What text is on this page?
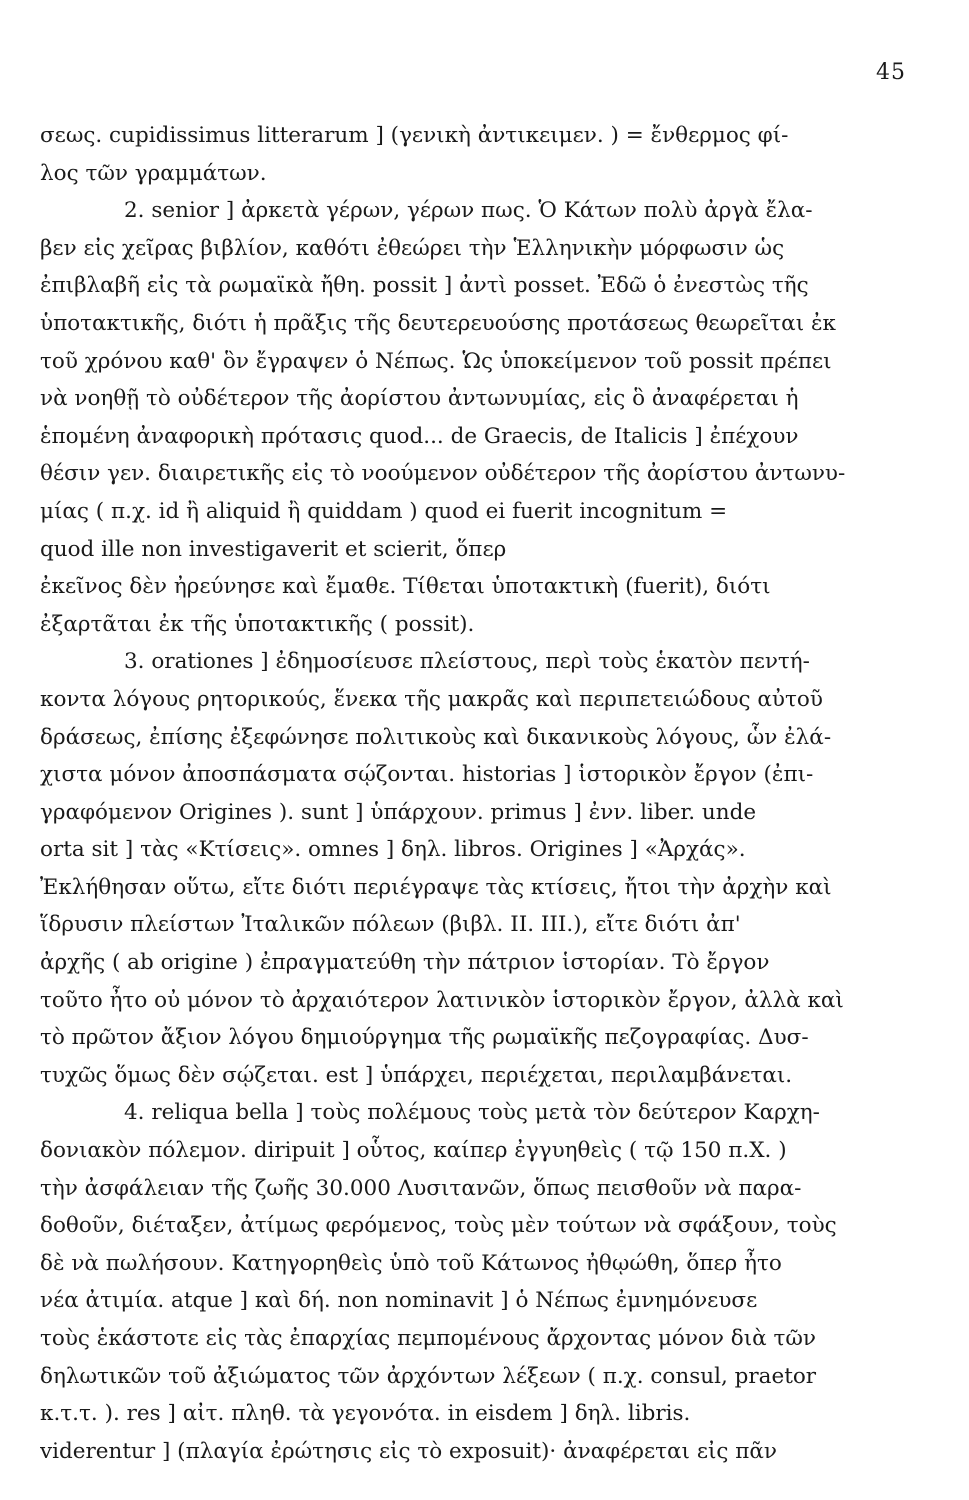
45
σεως. cupidissimus litterarum ] (γενικὴ ἀντικειμεν. ) = ἔνθερμος φί-
λος τῶν γραμμάτων.
2. senior ] ἀρκετὰ γέρων, γέρων πως. Ὁ Κάτων πολὺ ἀργὰ ἔλα-
βεν εἰς χεῖρας βιβλίον, καθότι ἐθεώρει τὴν Ἑλληνικὴν μόρφωσιν ὡς
ἐπιβλαβῆ εἰς τὰ ρωμαϊκὰ ἤθη. possit ] ἀντὶ posset. Ἐδῶ ὁ ἐνεστὼς τῆς
ὑποτακτικῆς, διότι ἡ πρᾶξις τῆς δευτερευούσης προτάσεως θεωρεῖται ἐκ
τοῦ χρόνου καθ' ὃν ἔγραψεν ὁ Νέπως. Ὡς ὑποκείμενον τοῦ possit πρέπει
νὰ νοηθῇ τὸ οὐδέτερον τῆς ἀορίστου ἀντωνυμίας, εἰς ὃ ἀναφέρεται ἡ
ἑπομένη ἀναφορικὴ πρότασις quod... de Graecis, de Italicis ] ἐπέχουν
θέσιν γεν. διαιρετικῆς εἰς τὸ νοούμενον οὐδέτερον τῆς ἀορίστου ἀντωνυ-
μίας ( π.χ. id ἢ aliquid ἢ quiddam ) quod ei fuerit incognitum =
quod ille non investigaverit et scierit, ὅπερ
ἐκεῖνος δὲν ἠρεύνησε καὶ ἔμαθε. Τίθεται ὑποτακτικὴ (fuerit), διότι
ἐξαρτᾶται ἐκ τῆς ὑποτακτικῆς ( possit).
3. orationes ] ἐδημοσίευσε πλείστους, περὶ τοὺς ἑκατὸν πεντή-
κοντα λόγους ρητορικούς, ἕνεκα τῆς μακρᾶς καὶ περιπετειώδους αὐτοῦ
δράσεως, ἐπίσης ἐξεφώνησε πολιτικοὺς καὶ δικανικοὺς λόγους, ὧν ἐλά-
χιστα μόνον ἀποσπάσματα σῴζονται. historias ] ἱστορικὸν ἔργον (ἐπι-
γραφόμενον Origines ). sunt ] ὑπάρχουν. primus ] ἐνν. liber. unde
orta sit ] τὰς «Κτίσεις». omnes ] δηλ. libros. Origines ] «Ἀρχάς».
Ἐκλήθησαν οὕτω, εἴτε διότι περιέγραψε τὰς κτίσεις, ἤτοι τὴν ἀρχὴν καὶ
ἵδρυσιν πλείστων Ἰταλικῶν πόλεων (βιβλ. II. III.), εἴτε διότι ἀπ'
ἀρχῆς ( ab origine ) ἐπραγματεύθη τὴν πάτριον ἱστορίαν. Τὸ ἔργον
τοῦτο ἦτο οὐ μόνον τὸ ἀρχαιότερον λατινικὸν ἱστορικὸν ἔργον, ἀλλὰ καὶ
τὸ πρῶτον ἄξιον λόγου δημιούργημα τῆς ρωμαϊκῆς πεζογραφίας. Δυσ-
τυχῶς ὅμως δὲν σῴζεται. est ] ὑπάρχει, περιέχεται, περιλαμβάνεται.
4. reliqua bella ] τοὺς πολέμους τοὺς μετὰ τὸν δεύτερον Καρχη-
δονιακὸν πόλεμον. diripuit ] οὗτος, καίπερ ἐγγυηθεὶς ( τῷ 150 π.Χ. )
τὴν ἀσφάλειαν τῆς ζωῆς 30.000 Λυσιτανῶν, ὅπως πεισθοῦν νὰ παρα-
δοθοῦν, διέταξεν, ἀτίμως φερόμενος, τοὺς μὲν τούτων νὰ σφάξουν, τοὺς
δὲ νὰ πωλήσουν. Κατηγορηθεὶς ὑπὸ τοῦ Κάτωνος ἠθῳώθη, ὅπερ ἦτο
νέα ἀτιμία. atque ] καὶ δή. non nominavit ] ὁ Νέπως ἐμνημόνευσε
τοὺς ἑκάστοτε εἰς τὰς ἐπαρχίας πεμπομένους ἄρχοντας μόνον διὰ τῶν
δηλωτικῶν τοῦ ἀξιώματος τῶν ἀρχόντων λέξεων ( π.χ. consul, praetor
κ.τ.τ. ). res ] αἰτ. πληθ. τὰ γεγονότα. in eisdem ] δηλ. libris.
viderentur ] (πλαγία ἐρώτησις εἰς τὸ exposuit)· ἀναφέρεται εἰς πᾶν
